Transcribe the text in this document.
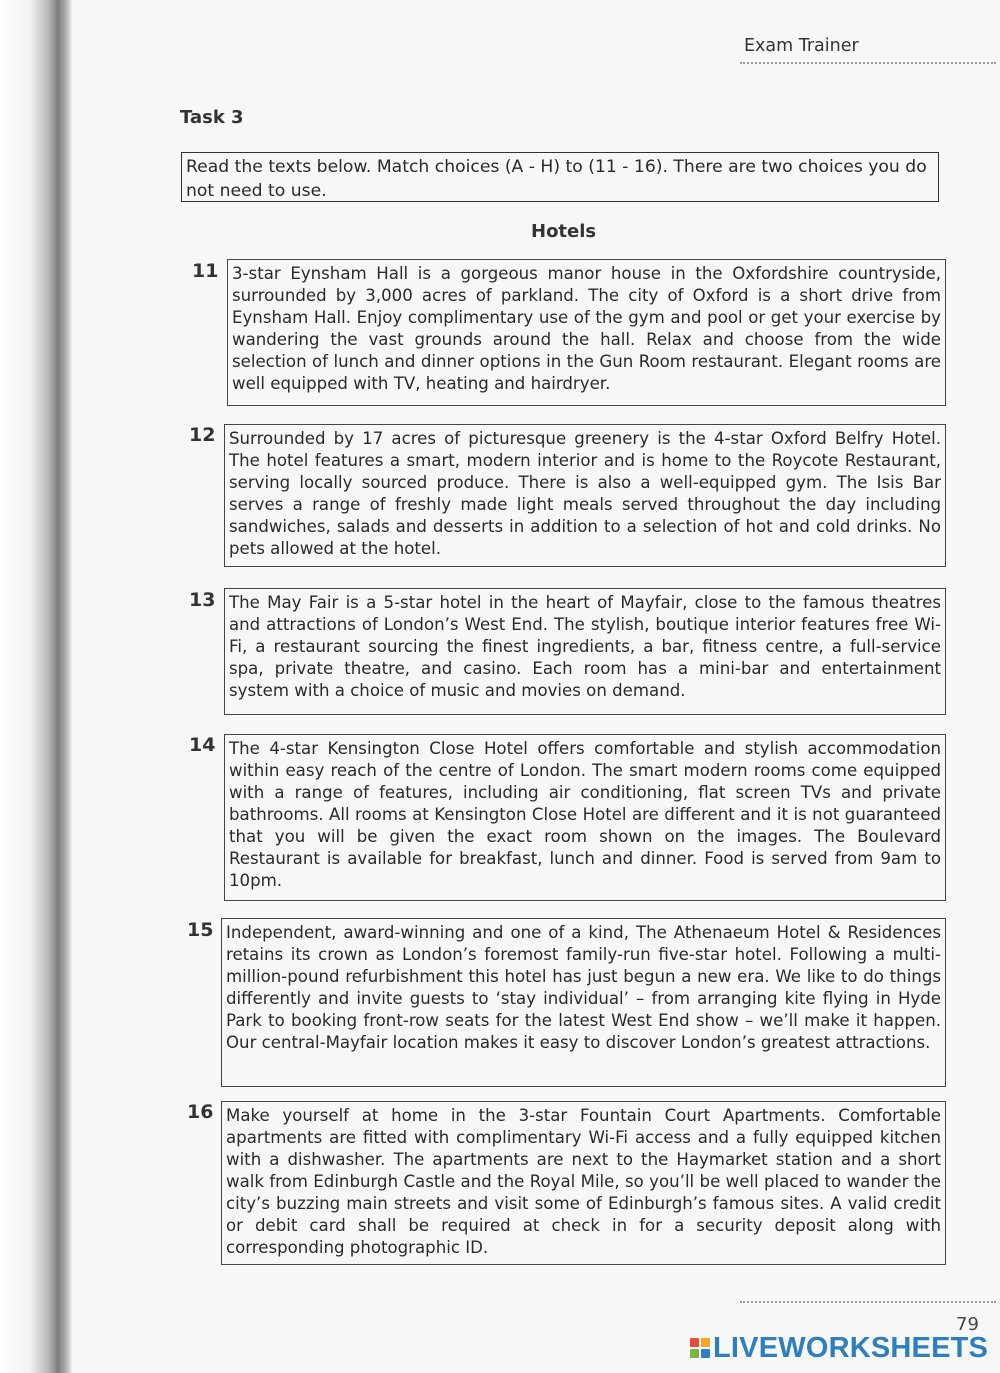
Exam Trainer
Task 3
Read the texts below. Match choices (A - H) to (11 - 16). There are two choices you do not need to use.
Hotels
11 3-star Eynsham Hall is a gorgeous manor house in the Oxfordshire countryside, surrounded by 3,000 acres of parkland. The city of Oxford is a short drive from Eynsham Hall. Enjoy complimentary use of the gym and pool or get your exercise by wandering the vast grounds around the hall. Relax and choose from the wide selection of lunch and dinner options in the Gun Room restaurant. Elegant rooms are well equipped with TV, heating and hairdryer.
12 Surrounded by 17 acres of picturesque greenery is the 4-star Oxford Belfry Hotel. The hotel features a smart, modern interior and is home to the Roycote Restaurant, serving locally sourced produce. There is also a well-equipped gym. The Isis Bar serves a range of freshly made light meals served throughout the day including sandwiches, salads and desserts in addition to a selection of hot and cold drinks. No pets allowed at the hotel.
13 The May Fair is a 5-star hotel in the heart of Mayfair, close to the famous theatres and attractions of London’s West End. The stylish, boutique interior features free Wi-Fi, a restaurant sourcing the finest ingredients, a bar, fitness centre, a full-service spa, private theatre, and casino. Each room has a mini-bar and entertainment system with a choice of music and movies on demand.
14 The 4-star Kensington Close Hotel offers comfortable and stylish accommodation within easy reach of the centre of London. The smart modern rooms come equipped with a range of features, including air conditioning, flat screen TVs and private bathrooms. All rooms at Kensington Close Hotel are different and it is not guaranteed that you will be given the exact room shown on the images. The Boulevard Restaurant is available for breakfast, lunch and dinner. Food is served from 9am to 10pm.
15 Independent, award-winning and one of a kind, The Athenaeum Hotel & Residences retains its crown as London’s foremost family-run five-star hotel. Following a multi-million-pound refurbishment this hotel has just begun a new era. We like to do things differently and invite guests to ‘stay individual’ – from arranging kite flying in Hyde Park to booking front-row seats for the latest West End show – we’ll make it happen. Our central-Mayfair location makes it easy to discover London’s greatest attractions.
16 Make yourself at home in the 3-star Fountain Court Apartments. Comfortable apartments are fitted with complimentary Wi-Fi access and a fully equipped kitchen with a dishwasher. The apartments are next to the Haymarket station and a short walk from Edinburgh Castle and the Royal Mile, so you’ll be well placed to wander the city’s buzzing main streets and visit some of Edinburgh’s famous sites. A valid credit or debit card shall be required at check in for a security deposit along with corresponding photographic ID.
79
LIVEWORKSHEETS
